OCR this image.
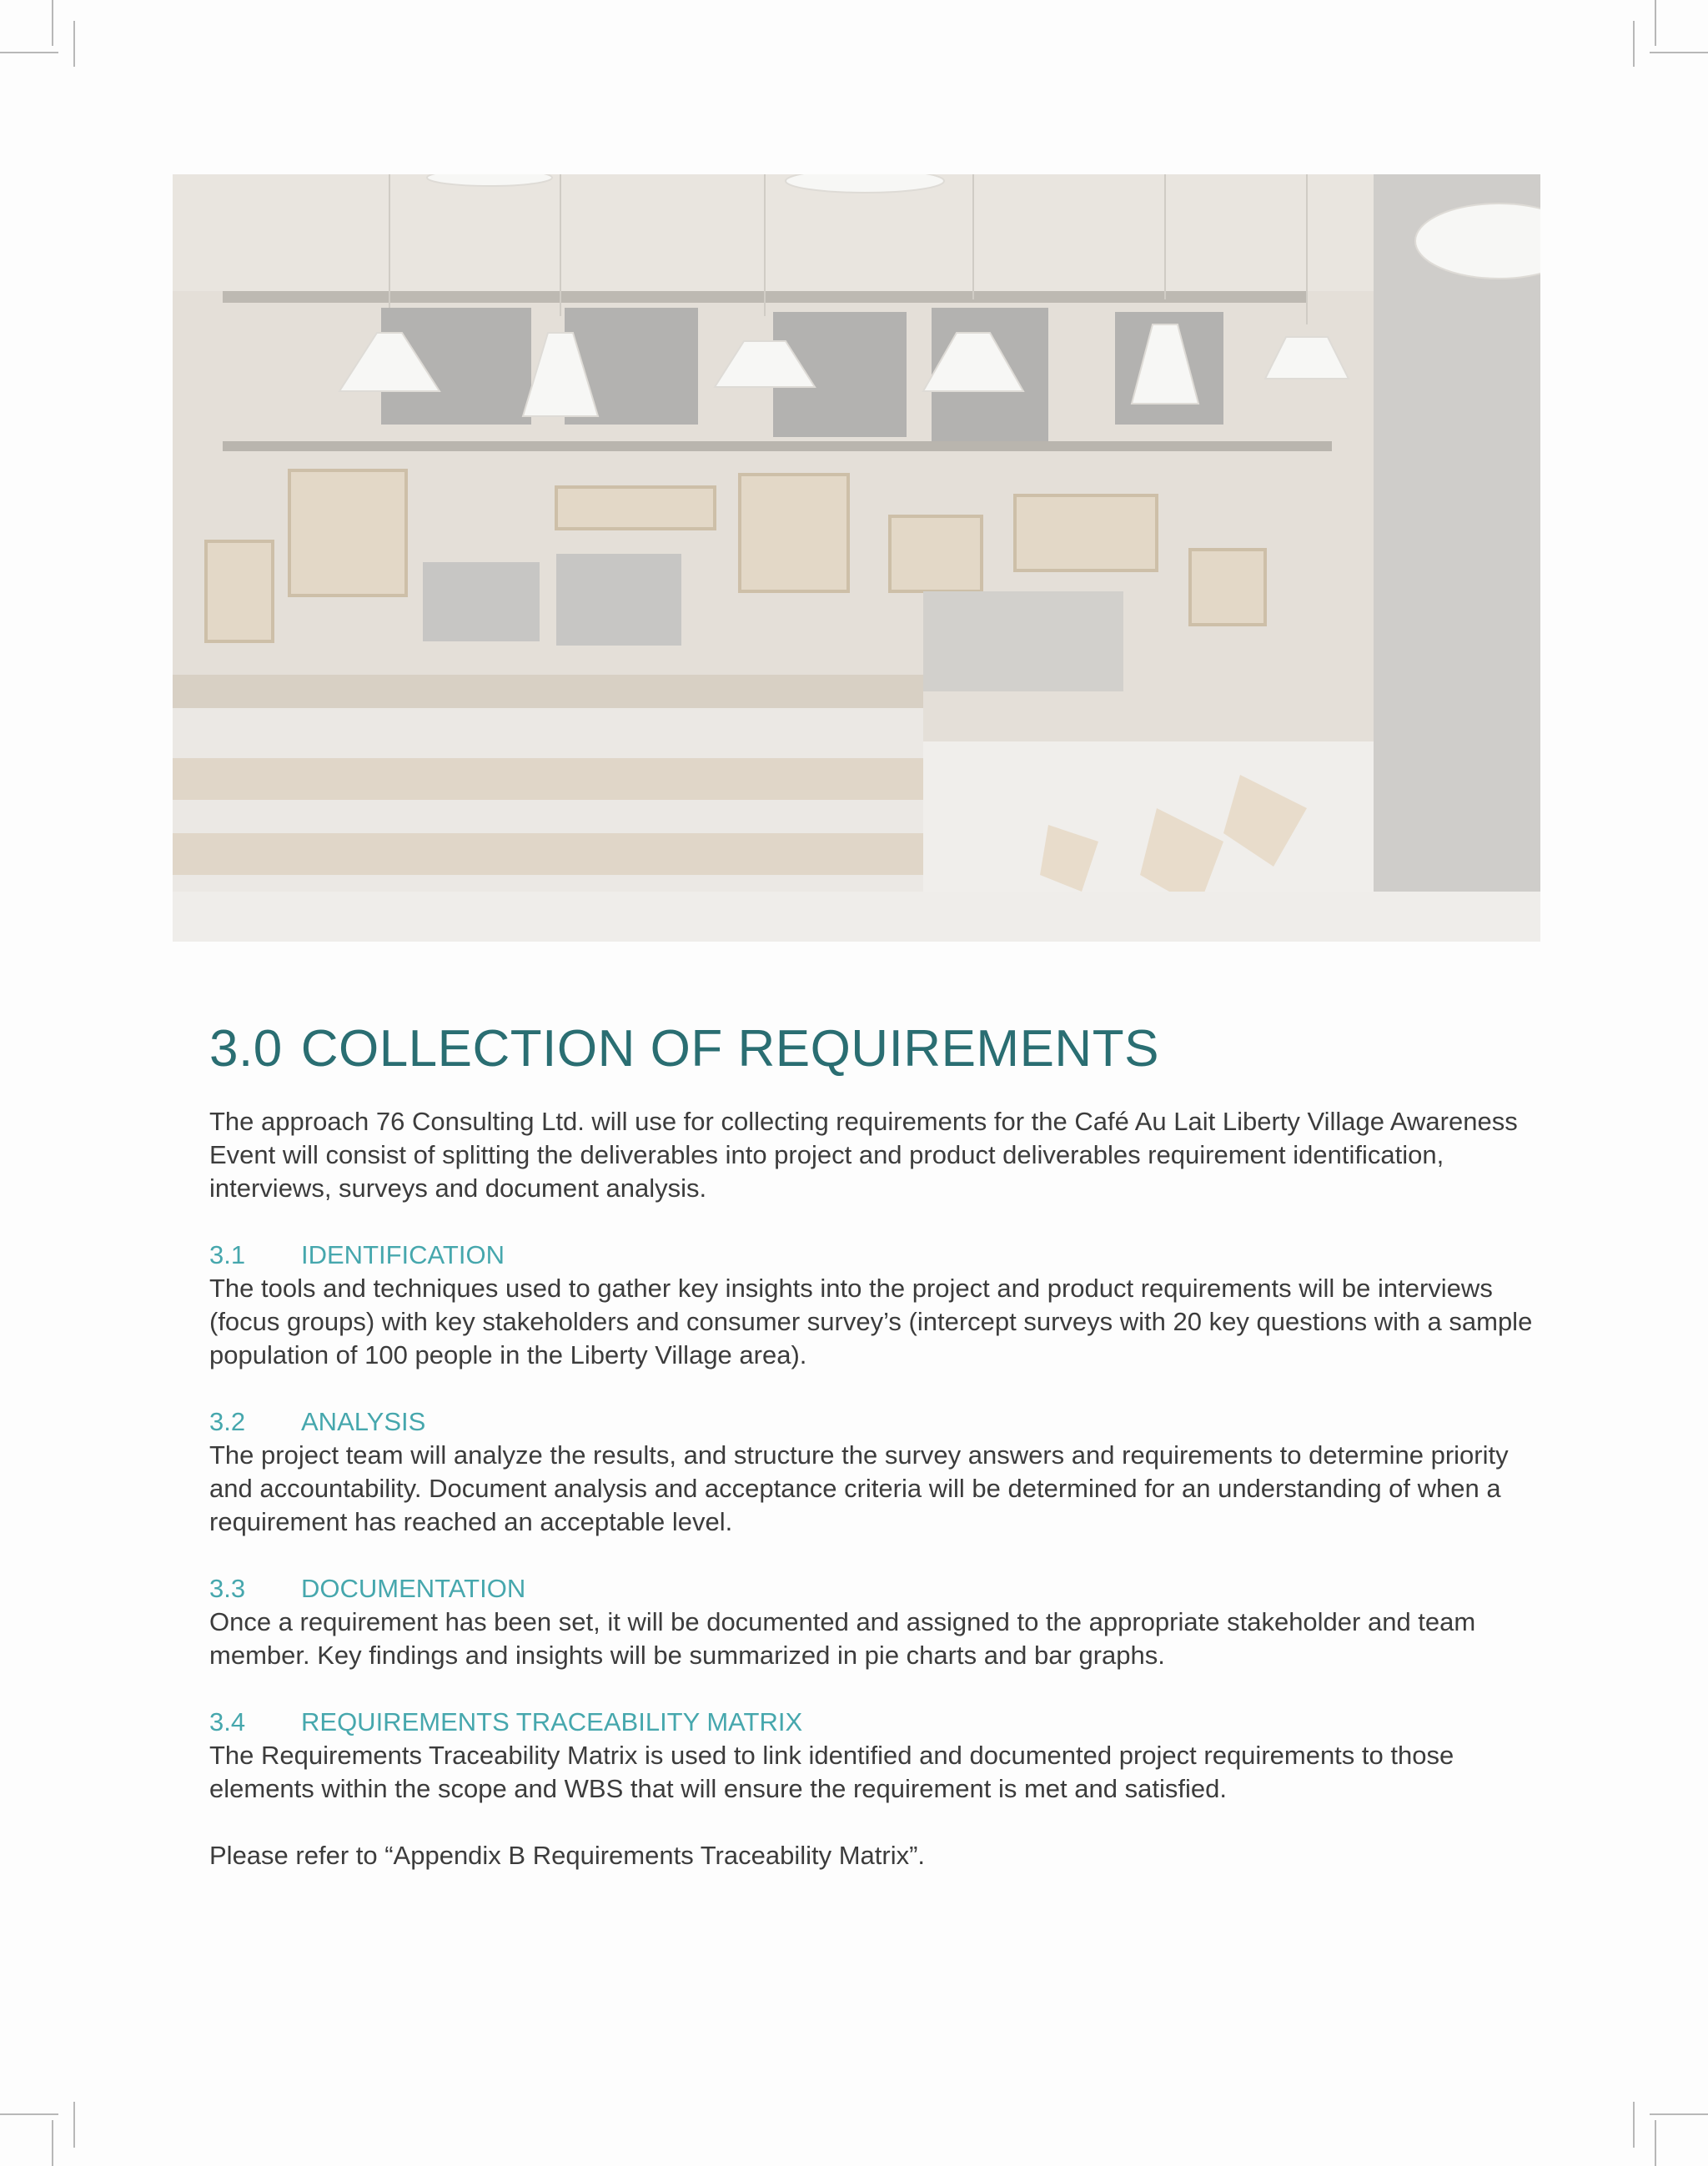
3.0 COLLECTION OF REQUIREMENTS

The approach 76 Consulting Ltd. will use for collecting requirements for the Café Au Lait Liberty Village Awareness Event will consist of splitting the deliverables into project and product deliverables requirement identification, interviews, surveys and document analysis.

3.1	IDENTIFICATION

The tools and techniques used to gather key insights into the project and product requirements will be interviews (focus groups) with key stakeholders and consumer survey’s (intercept surveys with 20 key questions with a sample population of 100 people in the Liberty Village area).

3.2	ANALYSIS

The project team will analyze the results, and structure the survey answers and requirements to determine priority and accountability. Document analysis and acceptance criteria will be determined for an understanding of when a requirement has reached an acceptable level.

3.3	DOCUMENTATION

Once a requirement has been set, it will be documented and assigned to the appropriate stakeholder and team member. Key findings and insights will be summarized in pie charts and bar graphs.

3.4	REQUIREMENTS TRACEABILITY MATRIX

The Requirements Traceability Matrix is used to link identified and documented project requirements to those elements within the scope and WBS that will ensure the requirement is met and satisfied.

Please refer to “Appendix B Requirements Traceability Matrix”.
